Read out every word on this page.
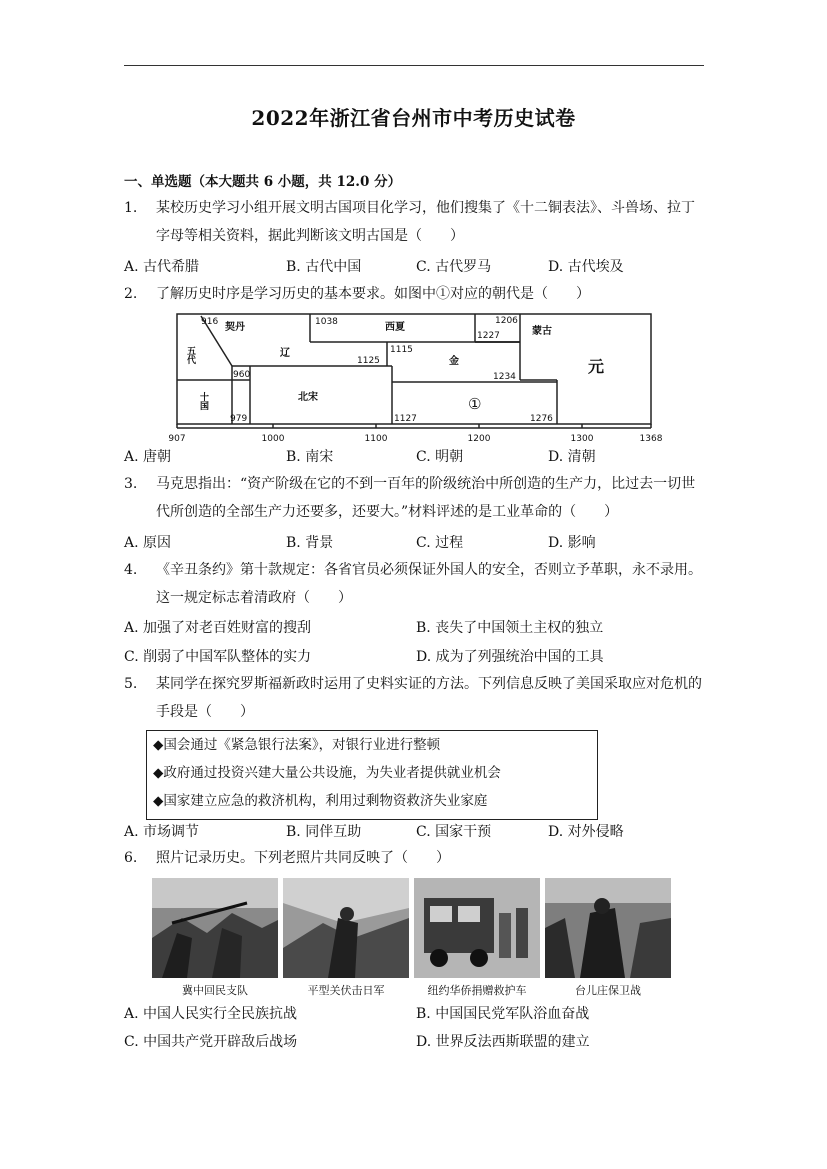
2022年浙江省台州市中考历史试卷
一、单选题（本大题共 6 小题，共 12.0 分）
1. 某校历史学习小组开展文明古国项目化学习，他们搜集了《十二铜表法》、斗兽场、拉丁字母等相关资料，据此判断该文明古国是（　　）
A. 古代希腊	B. 古代中国	C. 古代罗马	D. 古代埃及
2. 了解历史时序是学习历史的基本要求。如图中①对应的朝代是（　　）
916	1038	1206
1227
1115
1125
960	1234
979	1127	1276
契丹	西夏	蒙古
五代	辽
金	元
十国	北宋	①
907	1000	1100	1200	1300	1368
A. 唐朝	B. 南宋	C. 明朝	D. 清朝
3. 马克思指出：“资产阶级在它的不到一百年的阶级统治中所创造的生产力，比过去一切世代所创造的全部生产力还要多，还要大。”材料评述的是工业革命的（　　）
A. 原因	B. 背景	C. 过程	D. 影响
4. 《辛丑条约》第十款规定：各省官员必须保证外国人的安全，否则立予革职，永不录用。这一规定标志着清政府（　　）
A. 加强了对老百姓财富的搜刮	B. 丧失了中国领土主权的独立
C. 削弱了中国军队整体的实力	D. 成为了列强统治中国的工具
5. 某同学在探究罗斯福新政时运用了史料实证的方法。下列信息反映了美国采取应对危机的手段是（　　）
◆国会通过《紧急银行法案》，对银行业进行整顿
◆政府通过投资兴建大量公共设施，为失业者提供就业机会
◆国家建立应急的救济机构，利用过剩物资救济失业家庭
A. 市场调节	B. 同伴互助	C. 国家干预	D. 对外侵略
6. 照片记录历史。下列老照片共同反映了（　　）
冀中回民支队	平型关伏击日军	纽约华侨捐赠救护车	台儿庄保卫战
A. 中国人民实行全民族抗战	B. 中国国民党军队浴血奋战
C. 中国共产党开辟敌后战场	D. 世界反法西斯联盟的建立
